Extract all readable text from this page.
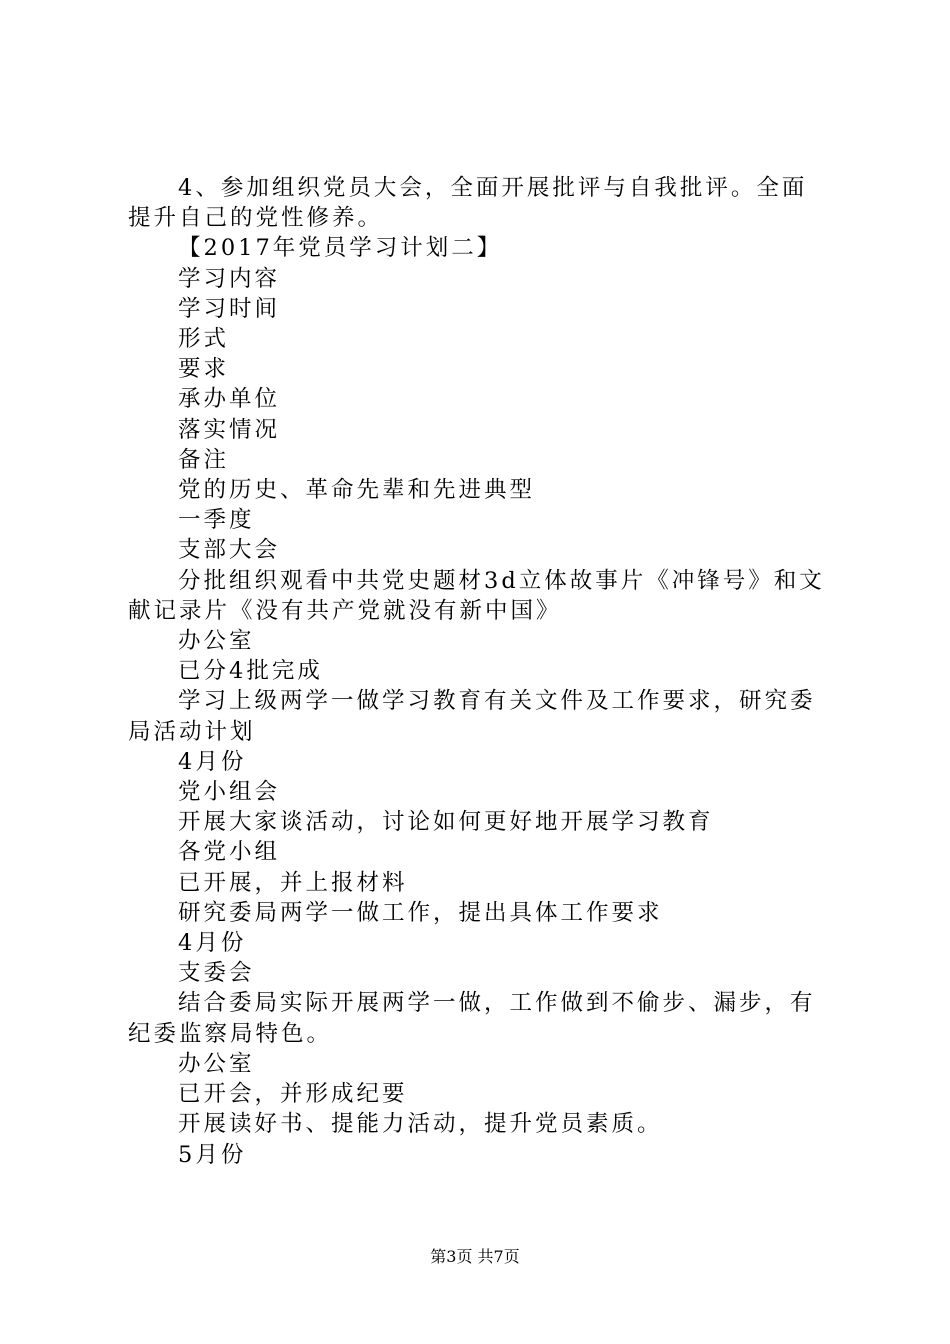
4、参加组织党员大会，全面开展批评与自我批评。全面提升自己的党性修养。

【2017年党员学习计划二】

学习内容

学习时间

形式

要求

承办单位

落实情况

备注

党的历史、革命先辈和先进典型

一季度

支部大会

分批组织观看中共党史题材3d立体故事片《冲锋号》和文献记录片《没有共产党就没有新中国》

办公室

已分4批完成

学习上级两学一做学习教育有关文件及工作要求，研究委局活动计划

4月份

党小组会

开展大家谈活动，讨论如何更好地开展学习教育

各党小组

已开展，并上报材料

研究委局两学一做工作，提出具体工作要求

4月份

支委会

结合委局实际开展两学一做，工作做到不偷步、漏步，有纪委监察局特色。

办公室

已开会，并形成纪要

开展读好书、提能力活动，提升党员素质。

5月份

第3页 共7页
